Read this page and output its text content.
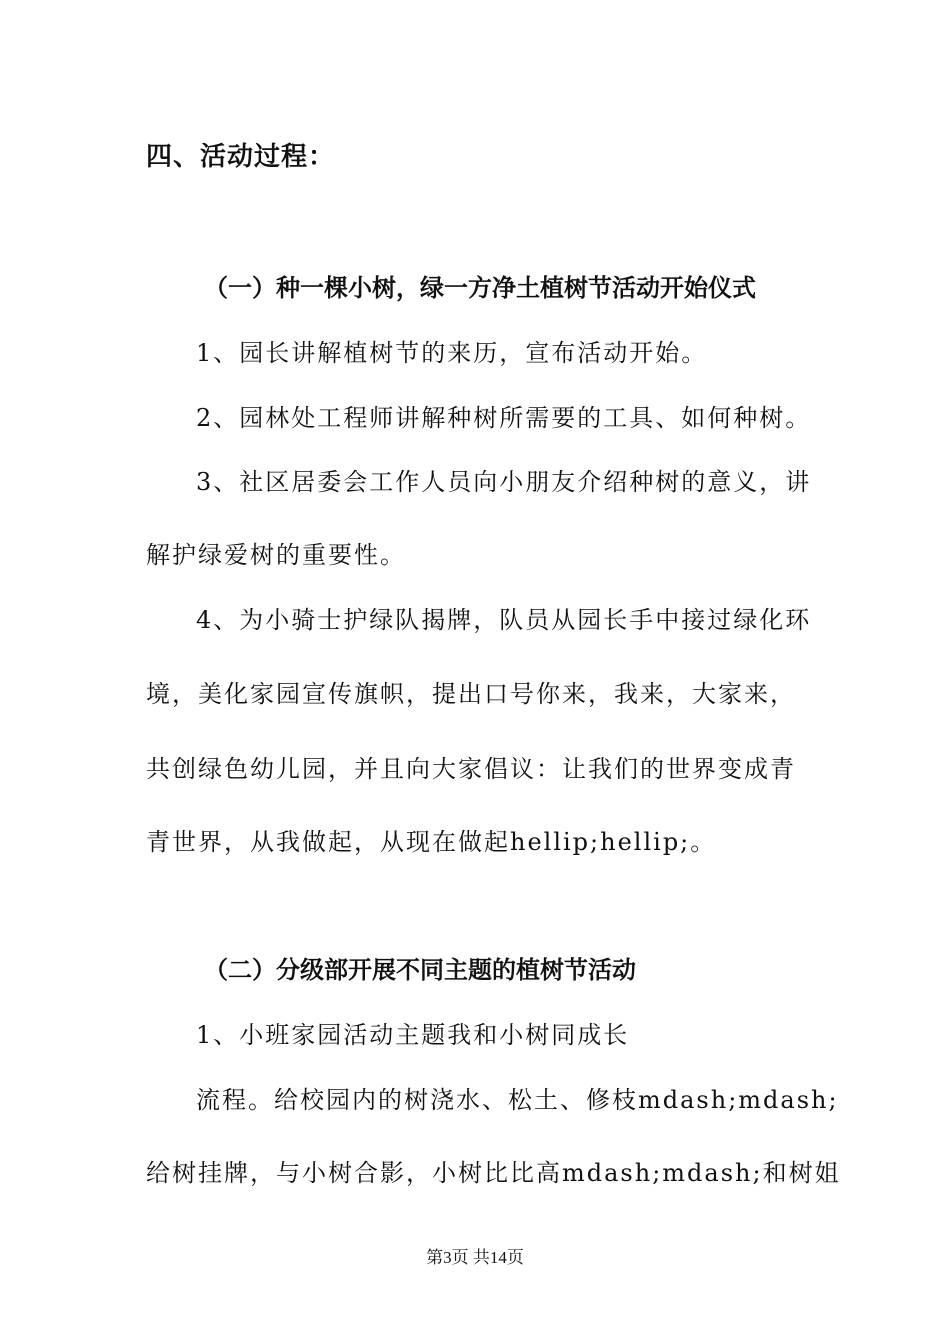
四、活动过程：
（一）种一棵小树，绿一方净土植树节活动开始仪式
1、园长讲解植树节的来历，宣布活动开始。
2、园林处工程师讲解种树所需要的工具、如何种树。
3、社区居委会工作人员向小朋友介绍种树的意义，讲
解护绿爱树的重要性。
4、为小骑士护绿队揭牌，队员从园长手中接过绿化环
境，美化家园宣传旗帜，提出口号你来，我来，大家来，
共创绿色幼儿园，并且向大家倡议：让我们的世界变成青
青世界，从我做起，从现在做起hellip;hellip;。
（二）分级部开展不同主题的植树节活动
1、小班家园活动主题我和小树同成长
流程。给校园内的树浇水、松土、修枝mdash;mdash;
给树挂牌，与小树合影，小树比比高mdash;mdash;和树姐
第3页 共14页
